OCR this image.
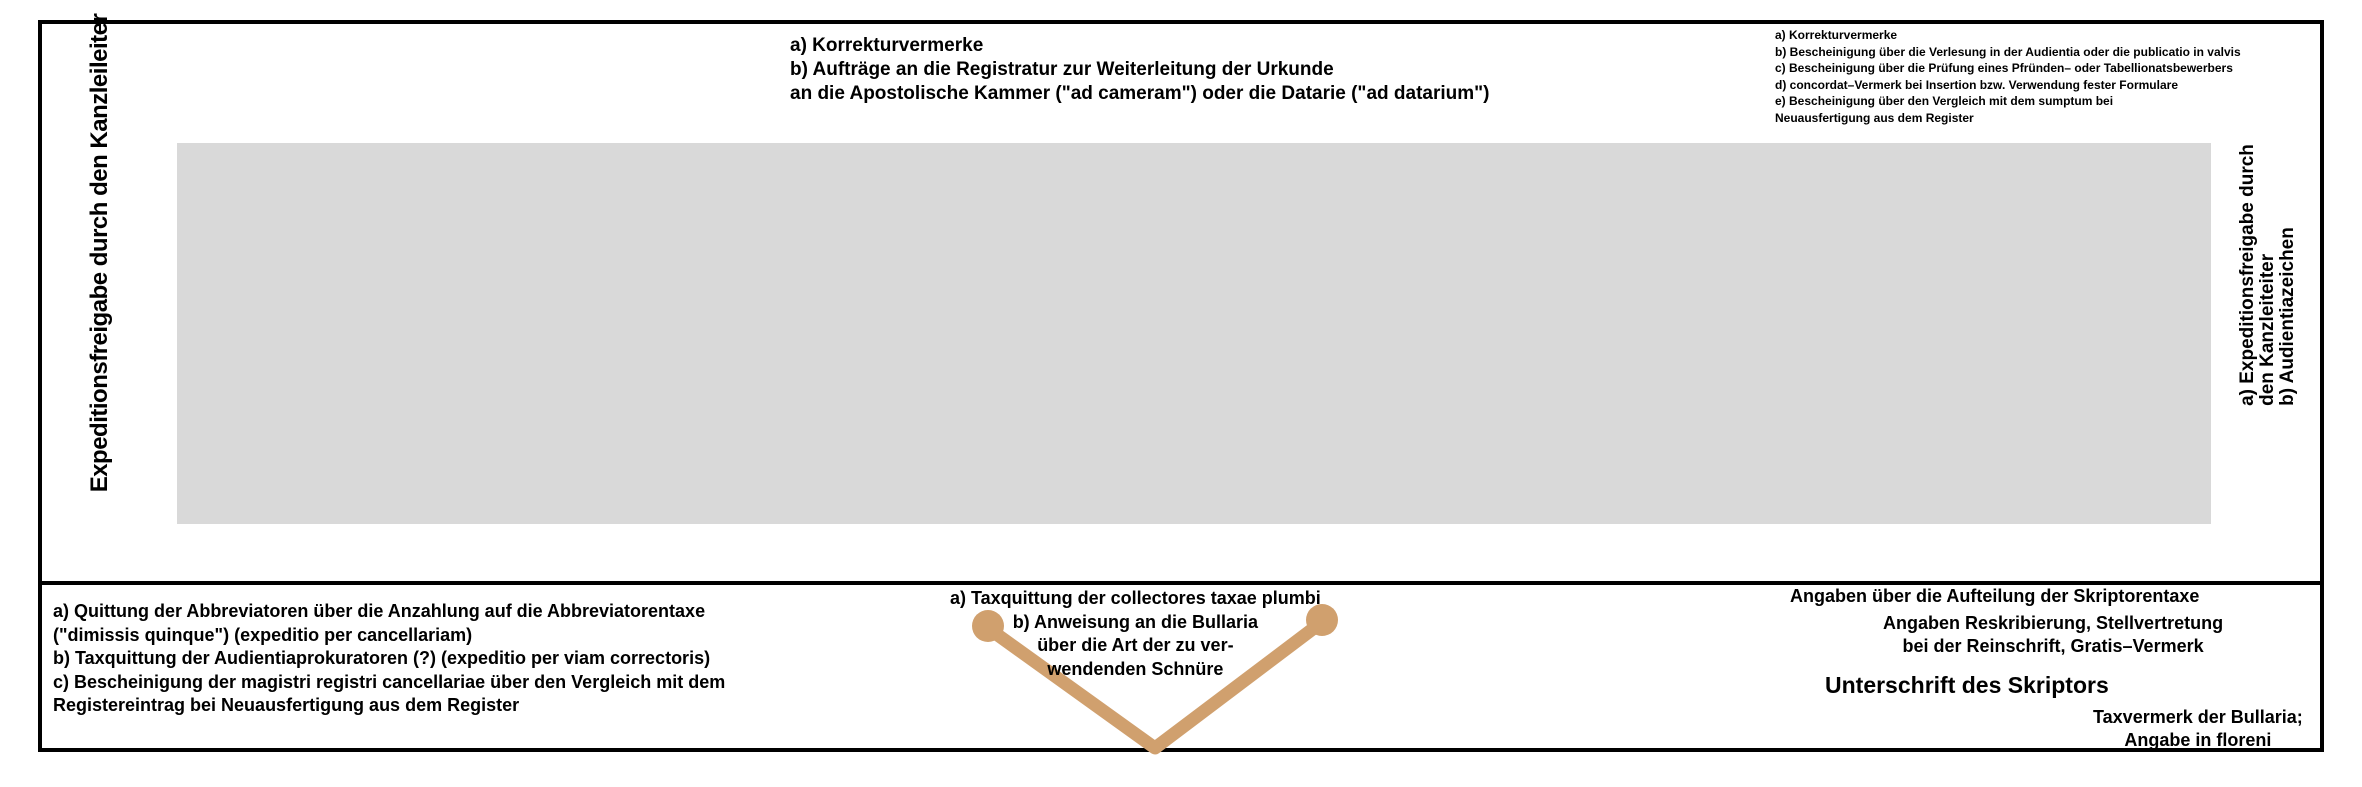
a) Korrekturvermerke
b) Aufträge an die Registratur zur Weiterleitung der Urkunde
an die Apostolische Kammer ("ad cameram") oder die Datarie ("ad datarium")
a) Korrekturvermerke
b) Bescheinigung über die Verlesung in der Audientia oder die publicatio in valvis
c) Bescheinigung über die Prüfung eines Pfründen– oder Tabellionatsbewerbers
d) concordat–Vermerk bei Insertion bzw. Verwendung fester Formulare
e) Bescheinigung über den Vergleich mit dem sumptum bei
Neuausfertigung aus dem Register
Expeditionsfreigabe durch den Kanzleileiter	a) Expeditionsfreigabe durch den Kanzleiteiter b) Audientiazeichen
a) Quittung der Abbreviatoren über die Anzahlung auf die Abbreviatorentaxe
("dimissis quinque") (expeditio per cancellariam)
b) Taxquittung der Audientiaprokuratoren (?) (expeditio per viam correctoris)
c) Bescheinigung der magistri registri cancellariae über den Vergleich mit dem
Registereintrag bei Neuausfertigung aus dem Register
a) Taxquittung der collectores taxae plumbi
b) Anweisung an die Bullaria
über die Art der zu ver-
wendenden Schnüre
Angaben über die Aufteilung der Skriptorentaxe
Angaben Reskribierung, Stellvertretung
bei der Reinschrift, Gratis–Vermerk
Unterschrift des Skriptors
Taxvermerk der Bullaria;
Angabe in floreni
